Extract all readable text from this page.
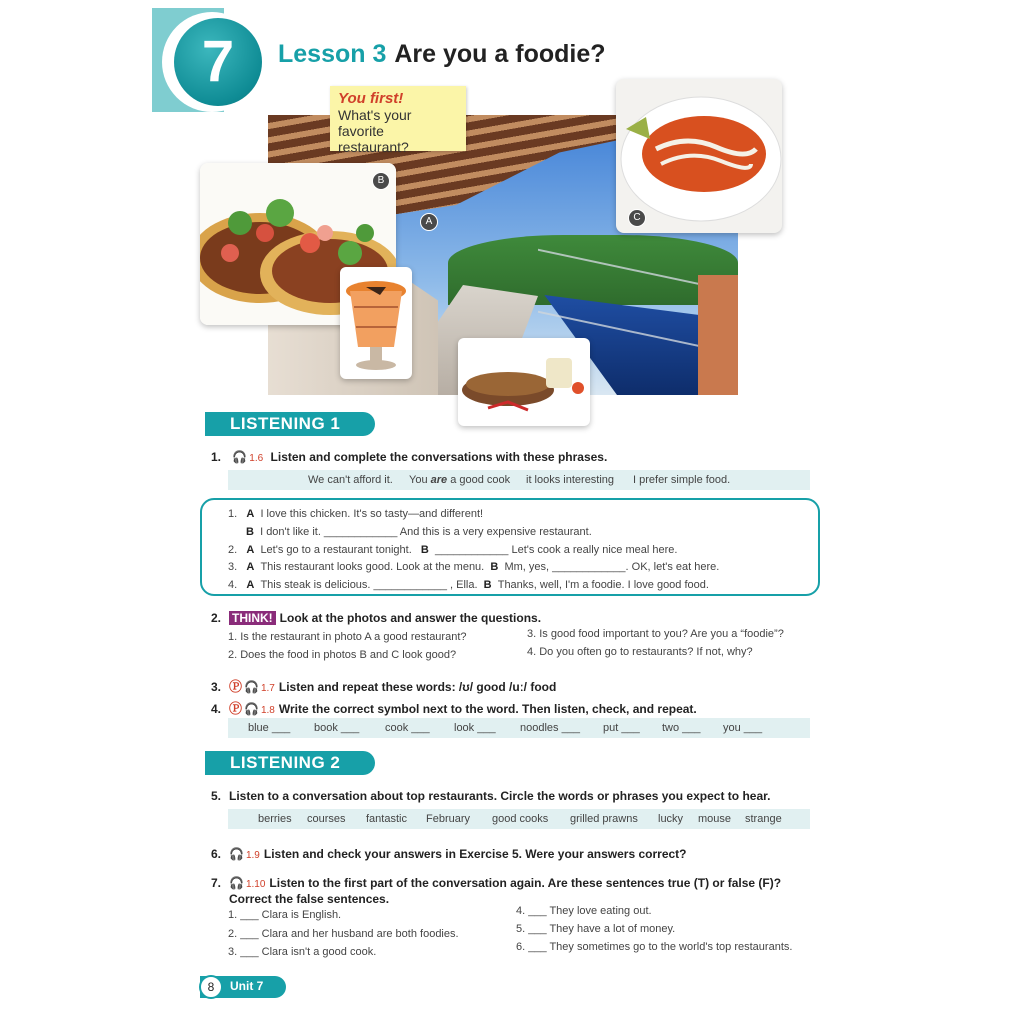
7	Lesson 3 Are you a foodie?
A
B
C
You first!
What's your
favorite restaurant?
LISTENING 1
1. 🎧 1.6 Listen and complete the conversations with these phrases.
We can't afford it. You are a good cook it looks interesting I prefer simple food.
1. A I love this chicken. It's so tasty—and different!
B I don't like it. ____________ And this is a very expensive restaurant.
2. A Let's go to a restaurant tonight. B ____________ Let's cook a really nice meal here.
3. A This restaurant looks good. Look at the menu. B Mm, yes, ____________. OK, let's eat here.
4. A This steak is delicious. ____________ , Ella. B Thanks, well, I'm a foodie. I love good food.
2. THINK! Look at the photos and answer the questions.
1. Is the restaurant in photo A a good restaurant?
2. Does the food in photos B and C look good?
3. Is good food important to you? Are you a “foodie”?
4. Do you often go to restaurants? If not, why?
3. Ⓟ 🎧 1.7 Listen and repeat these words: /ʊ/ good /uː/ food
4. Ⓟ 🎧 1.8 Write the correct symbol next to the word. Then listen, check, and repeat.
blue ___ book ___ cook ___ look ___ noodles ___ put ___ two ___ you ___
LISTENING 2
5. Listen to a conversation about top restaurants. Circle the words or phrases you expect to hear.
berries courses fantastic February good cooks grilled prawns lucky mouse strange
6. 🎧 1.9 Listen and check your answers in Exercise 5. Were your answers correct?
7. 🎧 1.10 Listen to the first part of the conversation again. Are these sentences true (T) or false (F)?
Correct the false sentences.
1. ___ Clara is English.
2. ___ Clara and her husband are both foodies.
3. ___ Clara isn't a good cook.
4. ___ They love eating out.
5. ___ They have a lot of money.
6. ___ They sometimes go to the world's top restaurants.
8	Unit 7
